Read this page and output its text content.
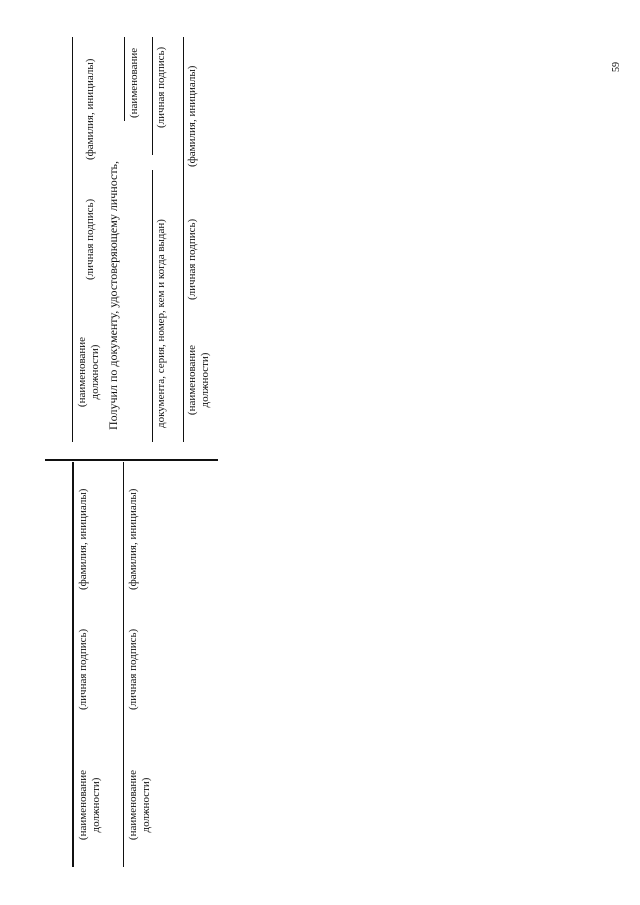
59
(наименование должности)
(личная подпись)
(фамилия, инициалы)
Получил по документу, удостоверяющему личность,
(наименование (личная подпись)
документа, серия, номер, кем и когда выдан) (наименование должности)
(личная подпись)
(фамилия, инициалы)
(наименование должности)
(личная подпись)
(фамилия, инициалы)
(наименование должности)
(личная подпись)
(фамилия, инициалы)
